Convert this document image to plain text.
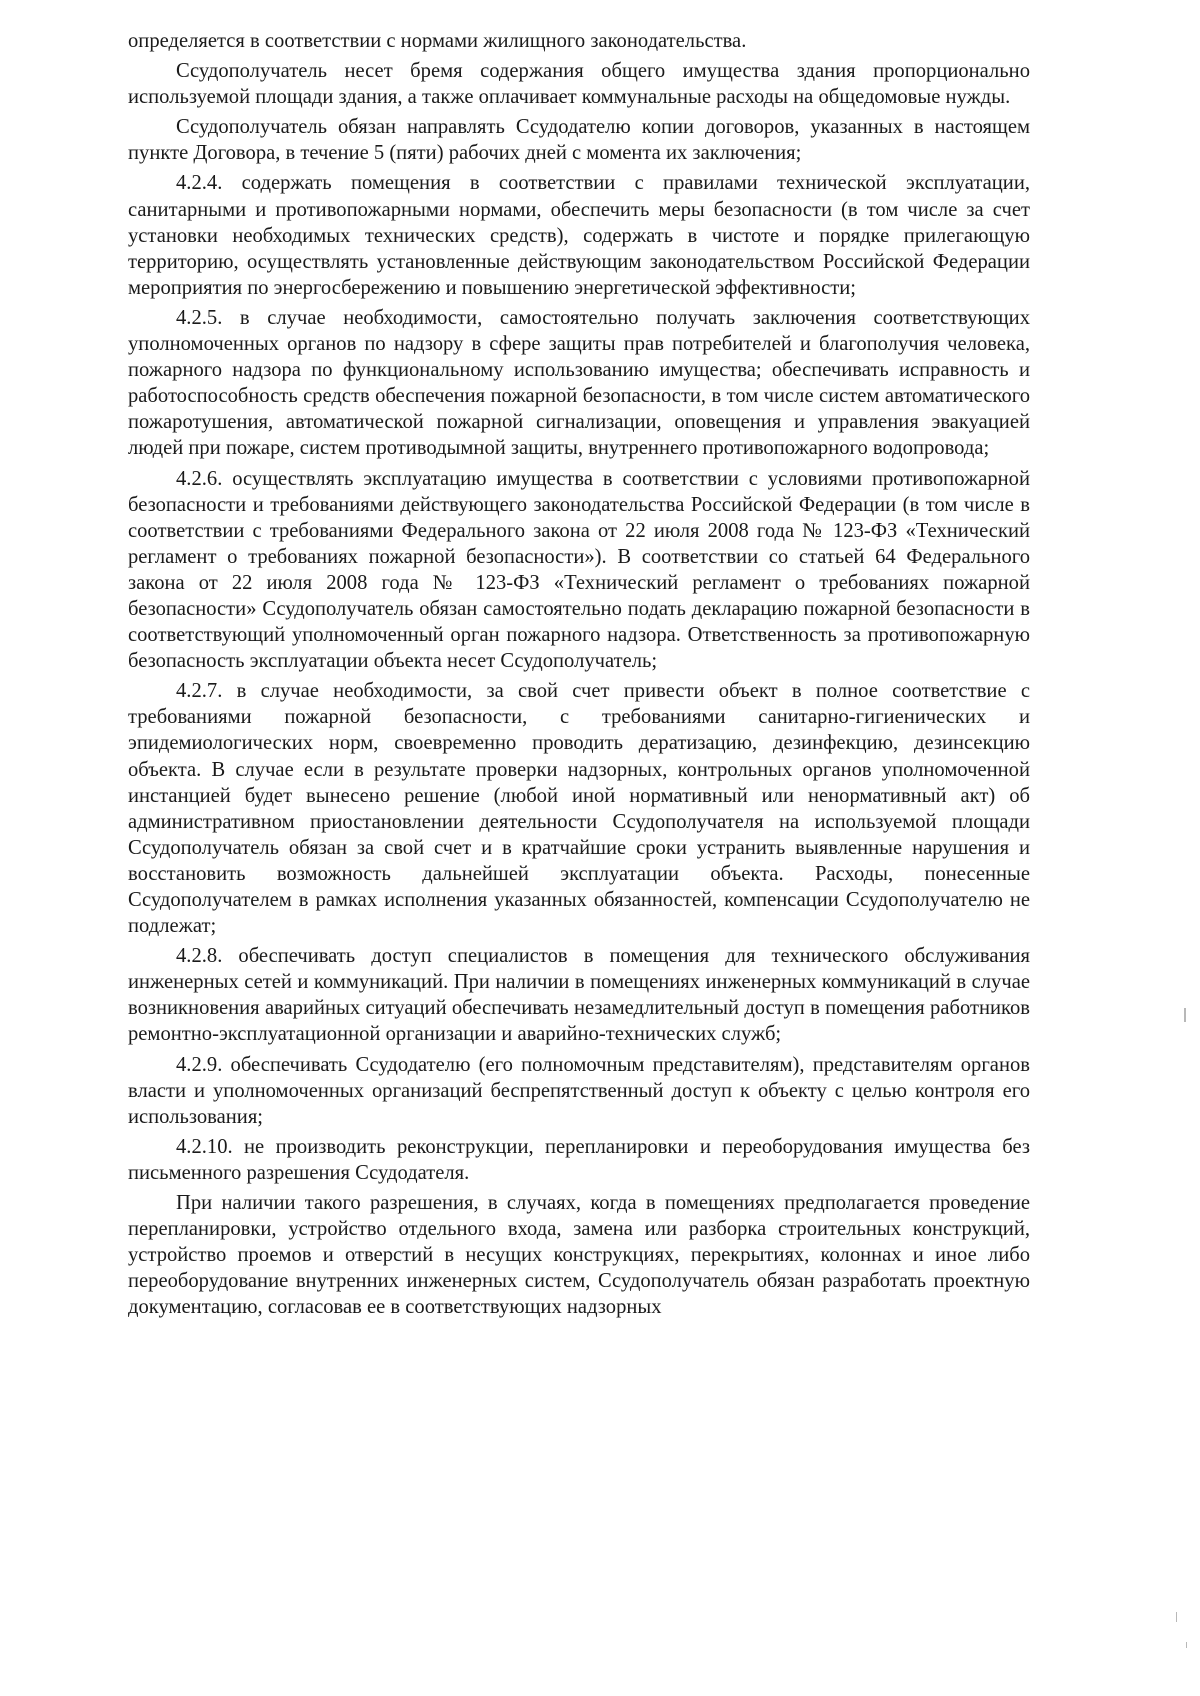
определяется в соответствии с нормами жилищного законодательства.

Ссудополучатель несет бремя содержания общего имущества здания пропорционально используемой площади здания, а также оплачивает коммунальные расходы на общедомовые нужды.

Ссудополучатель обязан направлять Ссудодателю копии договоров, указанных в настоящем пункте Договора, в течение 5 (пяти) рабочих дней с момента их заключения;

4.2.4. содержать помещения в соответствии с правилами технической эксплуатации, санитарными и противопожарными нормами, обеспечить меры безопасности (в том числе за счет установки необходимых технических средств), содержать в чистоте и порядке прилегающую территорию, осуществлять установленные действующим законодательством Российской Федерации мероприятия по энергосбережению и повышению энергетической эффективности;

4.2.5. в случае необходимости, самостоятельно получать заключения соответствующих уполномоченных органов по надзору в сфере защиты прав потребителей и благополучия человека, пожарного надзора по функциональному использованию имущества; обеспечивать исправность и работоспособность средств обеспечения пожарной безопасности, в том числе систем автоматического пожаротушения, автоматической пожарной сигнализации, оповещения и управления эвакуацией людей при пожаре, систем противодымной защиты, внутреннего противопожарного водопровода;

4.2.6. осуществлять эксплуатацию имущества в соответствии с условиями противопожарной безопасности и требованиями действующего законодательства Российской Федерации (в том числе в соответствии с требованиями Федерального закона от 22 июля 2008 года № 123-ФЗ «Технический регламент о требованиях пожарной безопасности»). В соответствии со статьей 64 Федерального закона от 22 июля 2008 года № 123-ФЗ «Технический регламент о требованиях пожарной безопасности» Ссудополучатель обязан самостоятельно подать декларацию пожарной безопасности в соответствующий уполномоченный орган пожарного надзора. Ответственность за противопожарную безопасность эксплуатации объекта несет Ссудополучатель;

4.2.7. в случае необходимости, за свой счет привести объект в полное соответствие с требованиями пожарной безопасности, с требованиями санитарно-гигиенических и эпидемиологических норм, своевременно проводить дератизацию, дезинфекцию, дезинсекцию объекта. В случае если в результате проверки надзорных, контрольных органов уполномоченной инстанцией будет вынесено решение (любой иной нормативный или ненормативный акт) об административном приостановлении деятельности Ссудополучателя на используемой площади Ссудополучатель обязан за свой счет и в кратчайшие сроки устранить выявленные нарушения и восстановить возможность дальнейшей эксплуатации объекта. Расходы, понесенные Ссудополучателем в рамках исполнения указанных обязанностей, компенсации Ссудополучателю не подлежат;

4.2.8. обеспечивать доступ специалистов в помещения для технического обслуживания инженерных сетей и коммуникаций. При наличии в помещениях инженерных коммуникаций в случае возникновения аварийных ситуаций обеспечивать незамедлительный доступ в помещения работников ремонтно-эксплуатационной организации и аварийно-технических служб;

4.2.9. обеспечивать Ссудодателю (его полномочным представителям), представителям органов власти и уполномоченных организаций беспрепятственный доступ к объекту с целью контроля его использования;

4.2.10. не производить реконструкции, перепланировки и переоборудования имущества без письменного разрешения Ссудодателя.

При наличии такого разрешения, в случаях, когда в помещениях предполагается проведение перепланировки, устройство отдельного входа, замена или разборка строительных конструкций, устройство проемов и отверстий в несущих конструкциях, перекрытиях, колоннах и иное либо переоборудование внутренних инженерных систем, Ссудополучатель обязан разработать проектную документацию, согласовав ее в соответствующих надзорных
